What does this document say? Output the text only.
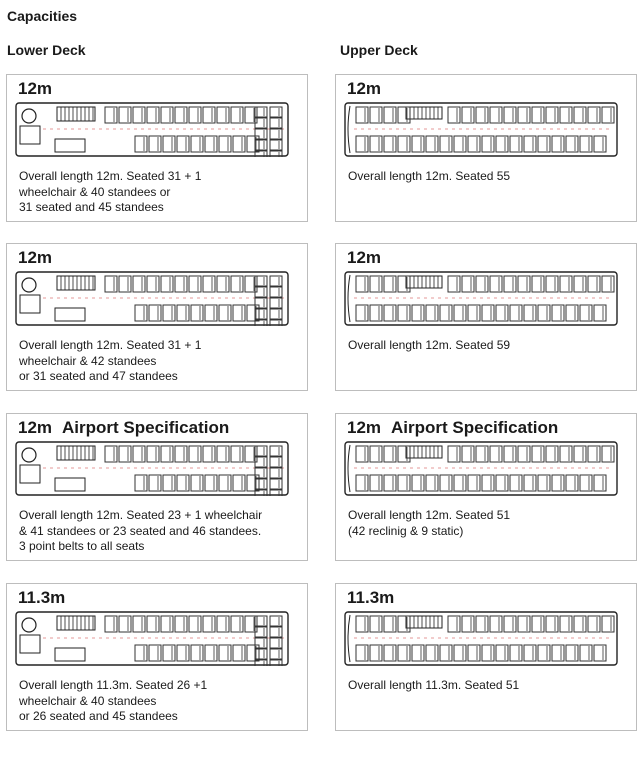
Capacities
Lower Deck	Upper Deck
12m
Overall length 12m. Seated 31 + 1
wheelchair & 40 standees or
31 seated and 45 standees
12m
Overall length 12m. Seated 55
12m
Overall length 12m. Seated 31 + 1
wheelchair & 42 standees
or 31 seated and 47 standees
12m
Overall length 12m. Seated 59
12m Airport Specification
Overall length 12m. Seated 23 + 1 wheelchair
& 41 standees or 23 seated and 46 standees.
3 point belts to all seats
12m Airport Specification
Overall length 12m. Seated 51
(42 reclinig & 9 static)
11.3m
Overall length 11.3m. Seated 26 +1
wheelchair & 40 standees
or 26 seated and 45 standees
11.3m
Overall length 11.3m. Seated 51
